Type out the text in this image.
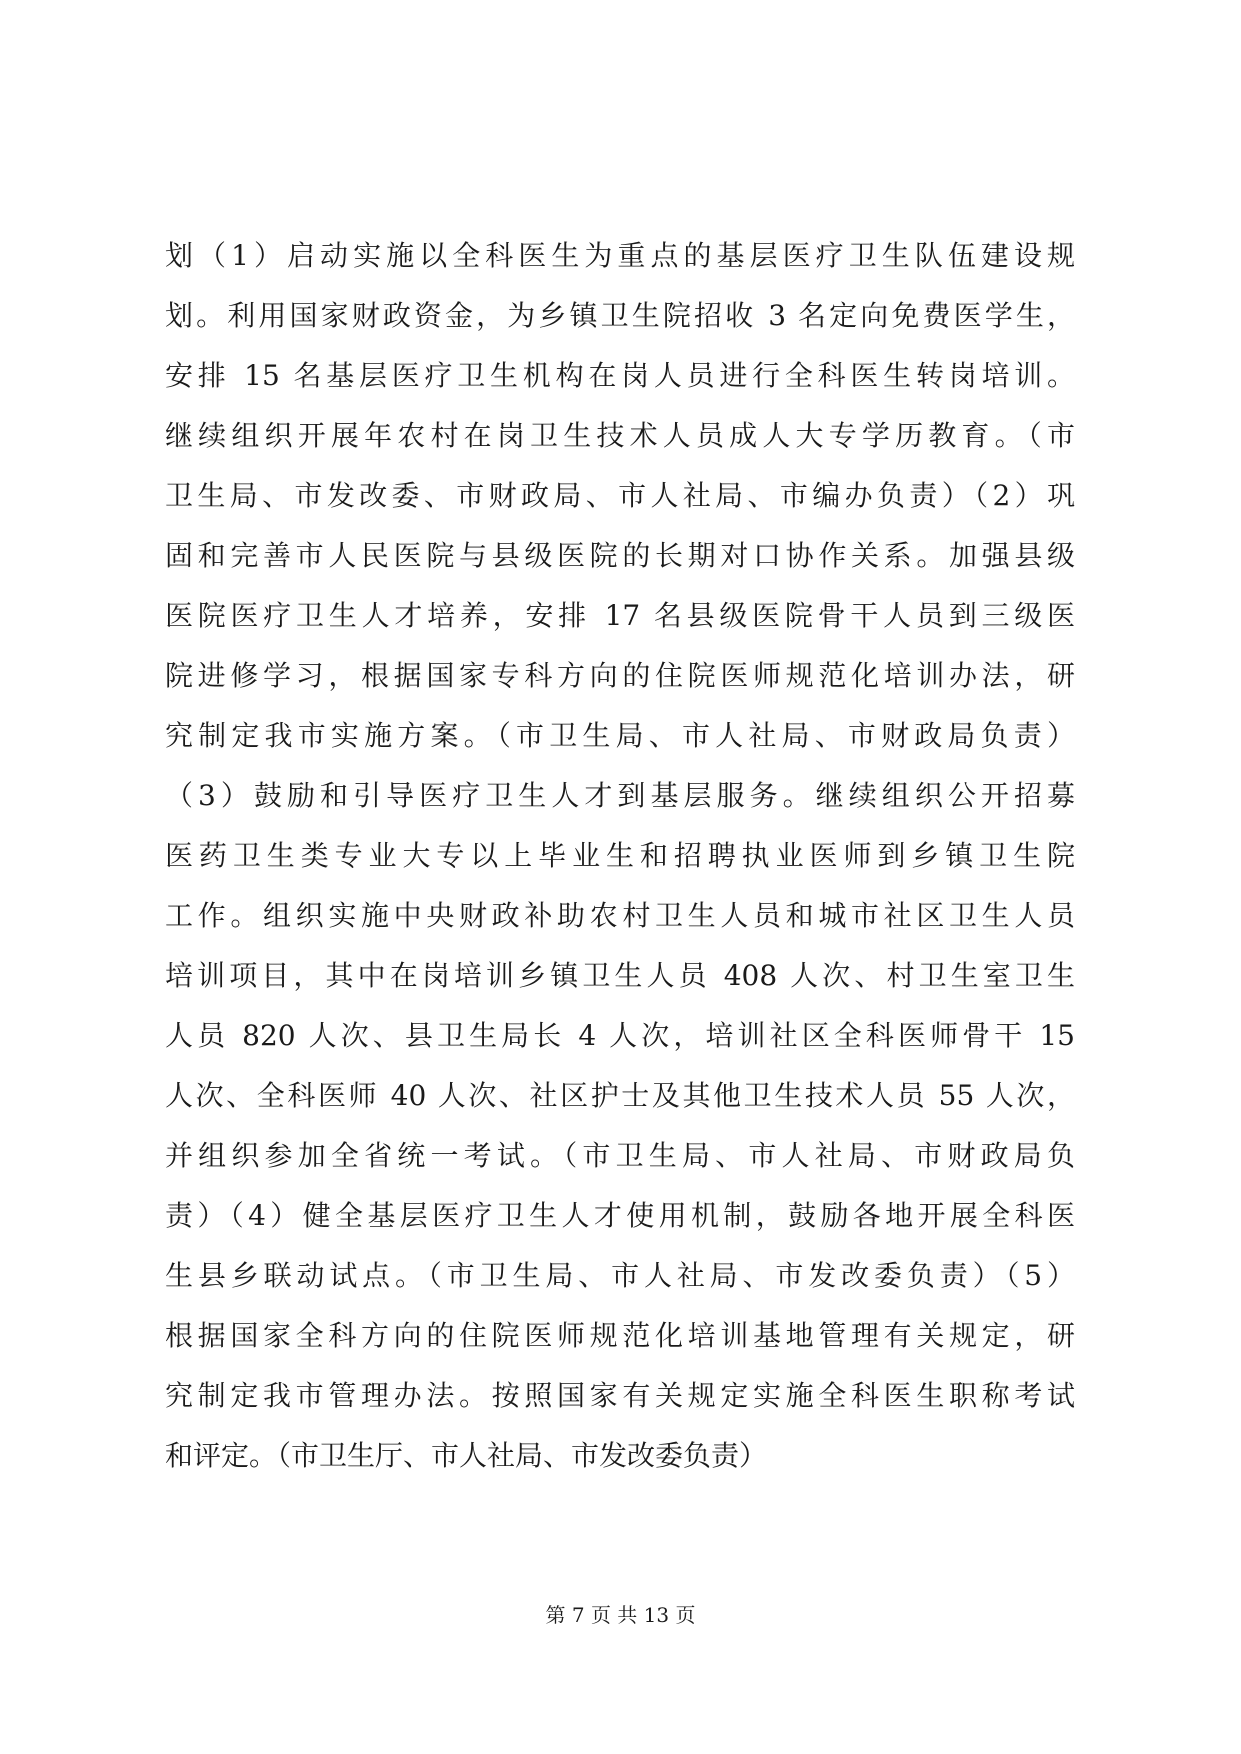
划（1）启动实施以全科医生为重点的基层医疗卫生队伍建设规
划。利用国家财政资金，为乡镇卫生院招收 3 名定向免费医学生，
安排 15 名基层医疗卫生机构在岗人员进行全科医生转岗培训。
继续组织开展年农村在岗卫生技术人员成人大专学历教育。（市
卫生局、市发改委、市财政局、市人社局、市编办负责）（2）巩
固和完善市人民医院与县级医院的长期对口协作关系。加强县级
医院医疗卫生人才培养，安排 17 名县级医院骨干人员到三级医
院进修学习，根据国家专科方向的住院医师规范化培训办法，研
究制定我市实施方案。（市卫生局、市人社局、市财政局负责）
（3）鼓励和引导医疗卫生人才到基层服务。继续组织公开招募
医药卫生类专业大专以上毕业生和招聘执业医师到乡镇卫生院
工作。组织实施中央财政补助农村卫生人员和城市社区卫生人员
培训项目，其中在岗培训乡镇卫生人员 408 人次、村卫生室卫生
人员 820 人次、县卫生局长 4 人次，培训社区全科医师骨干 15
人次、全科医师 40 人次、社区护士及其他卫生技术人员 55 人次，
并组织参加全省统一考试。（市卫生局、市人社局、市财政局负
责）（4）健全基层医疗卫生人才使用机制，鼓励各地开展全科医
生县乡联动试点。（市卫生局、市人社局、市发改委负责）（5）
根据国家全科方向的住院医师规范化培训基地管理有关规定，研
究制定我市管理办法。按照国家有关规定实施全科医生职称考试
和评定。（市卫生厅、市人社局、市发改委负责）
第 7 页 共 13 页
